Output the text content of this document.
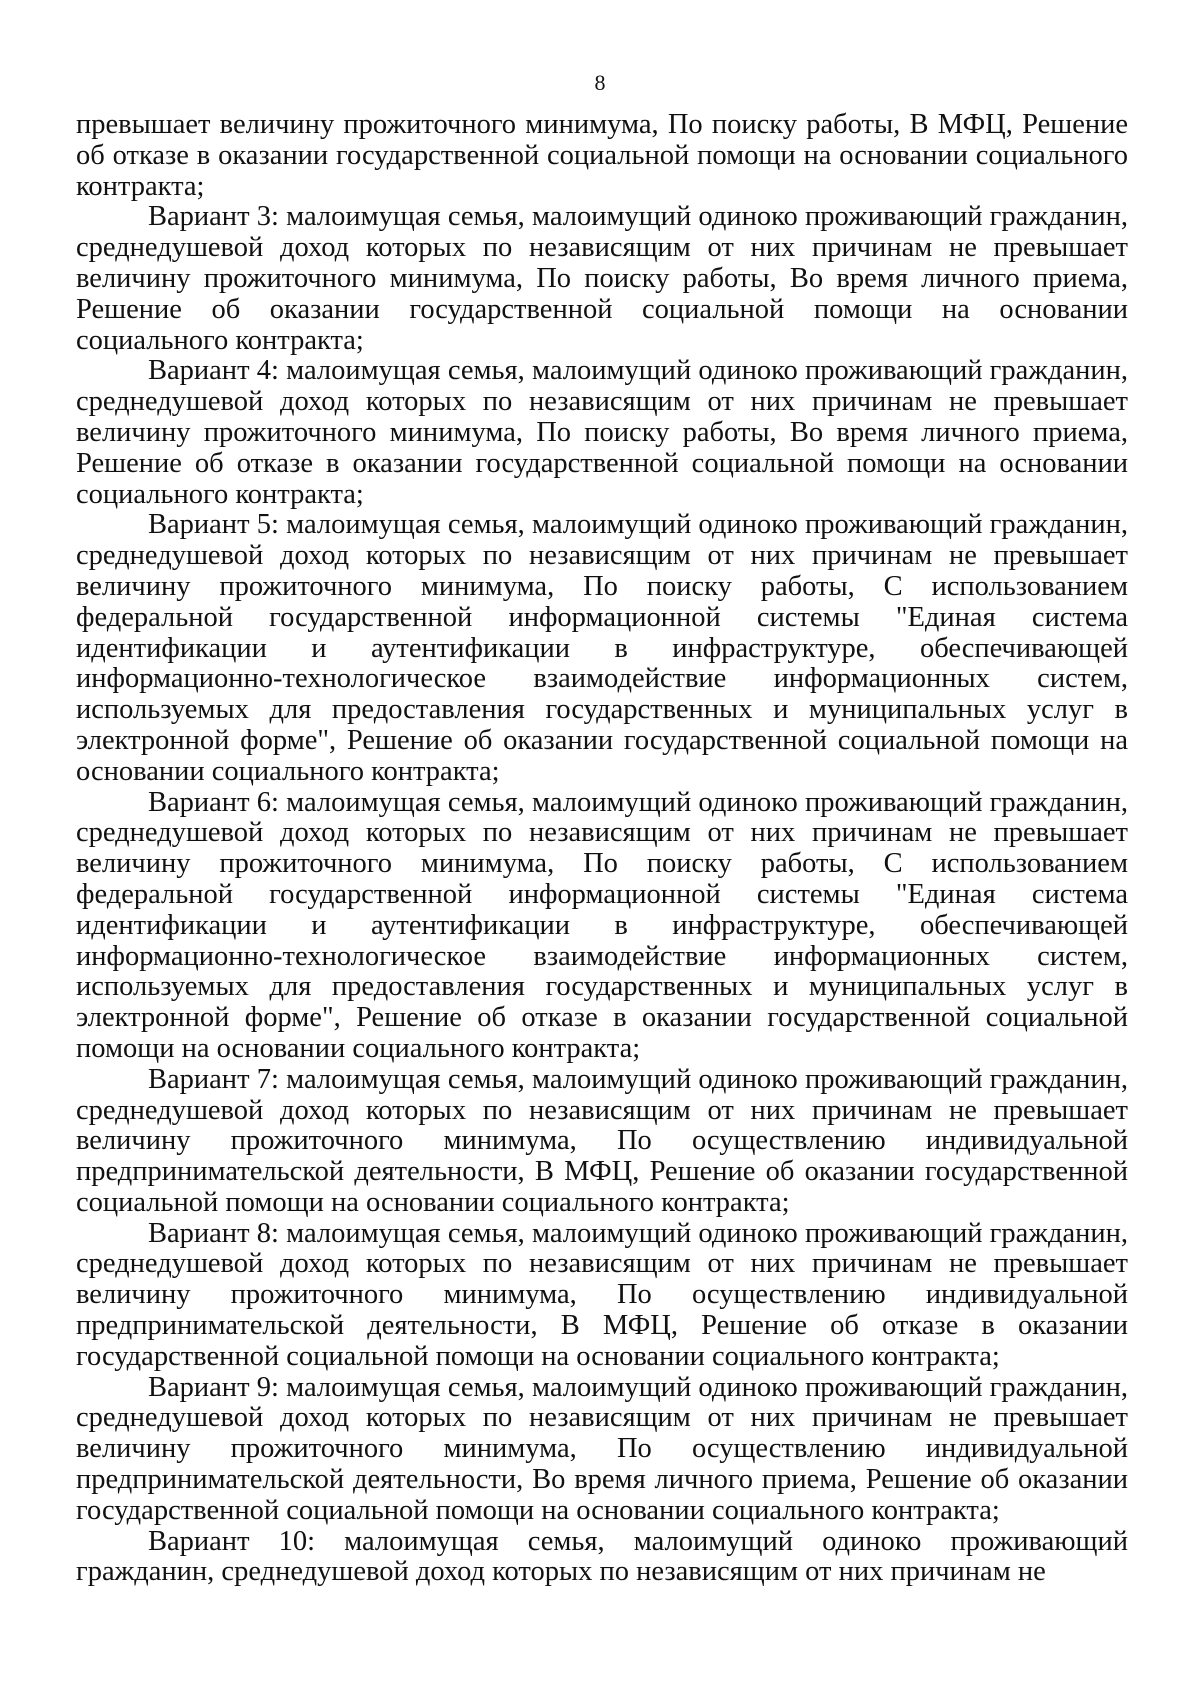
8

превышает величину прожиточного минимума, По поиску работы, В МФЦ, Решение об отказе в оказании государственной социальной помощи на основании социального контракта;

Вариант 3: малоимущая семья, малоимущий одиноко проживающий гражданин, среднедушевой доход которых по независящим от них причинам не превышает величину прожиточного минимума, По поиску работы, Во время личного приема, Решение об оказании государственной социальной помощи на основании социального контракта;

Вариант 4: малоимущая семья, малоимущий одиноко проживающий гражданин, среднедушевой доход которых по независящим от них причинам не превышает величину прожиточного минимума, По поиску работы, Во время личного приема, Решение об отказе в оказании государственной социальной помощи на основании социального контракта;

Вариант 5: малоимущая семья, малоимущий одиноко проживающий гражданин, среднедушевой доход которых по независящим от них причинам не превышает величину прожиточного минимума, По поиску работы, С использованием федеральной государственной информационной системы "Единая система идентификации и аутентификации в инфраструктуре, обеспечивающей информационно-технологическое взаимодействие информационных систем, используемых для предоставления государственных и муниципальных услуг в электронной форме", Решение об оказании государственной социальной помощи на основании социального контракта;

Вариант 6: малоимущая семья, малоимущий одиноко проживающий гражданин, среднедушевой доход которых по независящим от них причинам не превышает величину прожиточного минимума, По поиску работы, С использованием федеральной государственной информационной системы "Единая система идентификации и аутентификации в инфраструктуре, обеспечивающей информационно-технологическое взаимодействие информационных систем, используемых для предоставления государственных и муниципальных услуг в электронной форме", Решение об отказе в оказании государственной социальной помощи на основании социального контракта;

Вариант 7: малоимущая семья, малоимущий одиноко проживающий гражданин, среднедушевой доход которых по независящим от них причинам не превышает величину прожиточного минимума, По осуществлению индивидуальной предпринимательской деятельности, В МФЦ, Решение об оказании государственной социальной помощи на основании социального контракта;

Вариант 8: малоимущая семья, малоимущий одиноко проживающий гражданин, среднедушевой доход которых по независящим от них причинам не превышает величину прожиточного минимума, По осуществлению индивидуальной предпринимательской деятельности, В МФЦ, Решение об отказе в оказании государственной социальной помощи на основании социального контракта;

Вариант 9: малоимущая семья, малоимущий одиноко проживающий гражданин, среднедушевой доход которых по независящим от них причинам не превышает величину прожиточного минимума, По осуществлению индивидуальной предпринимательской деятельности, Во время личного приема, Решение об оказании государственной социальной помощи на основании социального контракта;

Вариант 10: малоимущая семья, малоимущий одиноко проживающий гражданин, среднедушевой доход которых по независящим от них причинам не
